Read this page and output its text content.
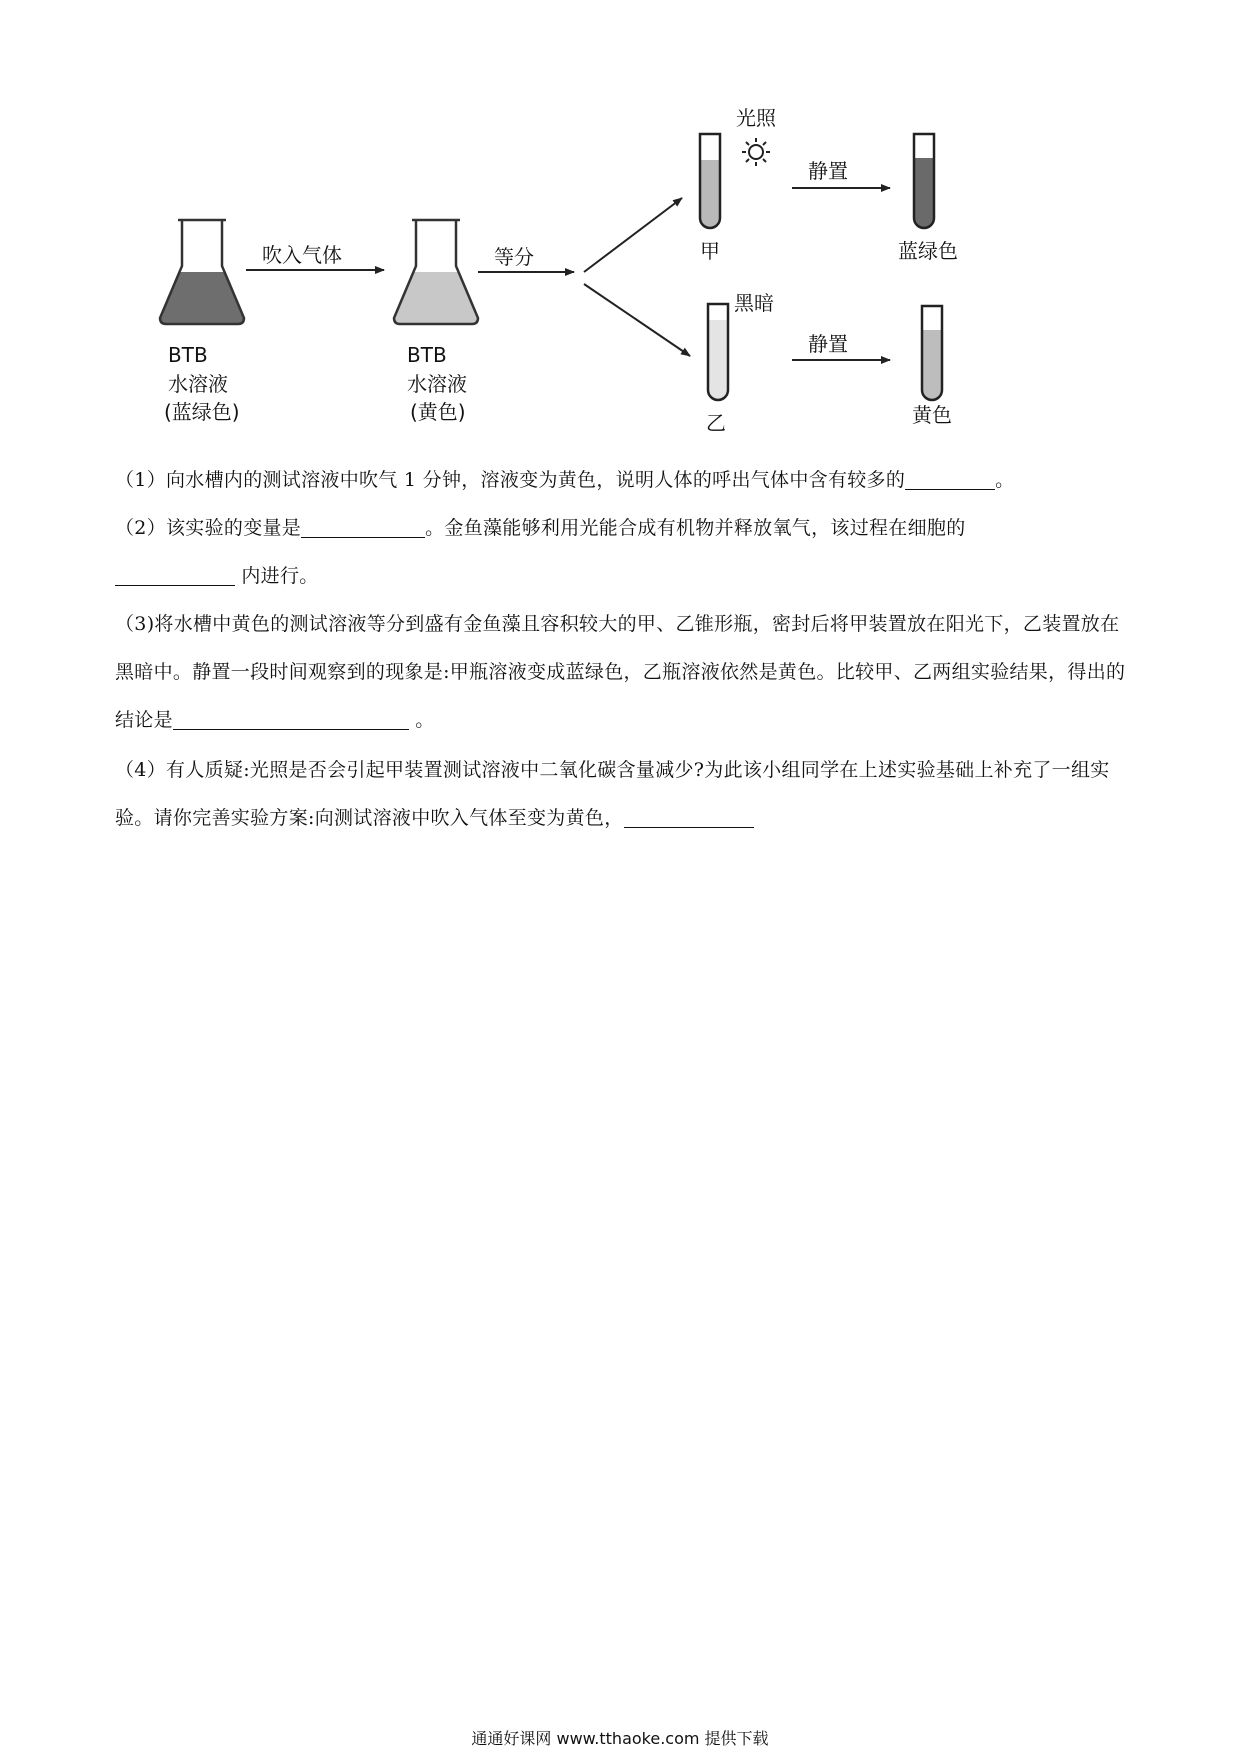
BTB
水溶液
(蓝绿色)
吹入气体
BTB
水溶液
(黄色)
等分
光照
甲
静置
蓝绿色
黑暗
乙
静置
黄色

（1）向水槽内的测试溶液中吹气 1 分钟，溶液变为黄色，说明人体的呼出气体中含有较多的	。

（2）该实验的变量是	。金鱼藻能够利用光能合成有机物并释放氧气，该过程在细胞的
内进行。

（3)将水槽中黄色的测试溶液等分到盛有金鱼藻且容积较大的甲、乙锥形瓶，密封后将甲装置放在阳光下，乙装置放在黑暗中。静置一段时间观察到的现象是:甲瓶溶液变成蓝绿色，乙瓶溶液依然是黄色。比较甲、乙两组实验结果，得出的结论是	。

（4）有人质疑:光照是否会引起甲装置测试溶液中二氧化碳含量减少?为此该小组同学在上述实验基础上补充了一组实验。请你完善实验方案:向测试溶液中吹入气体至变为黄色，

通通好课网 www.tthaoke.com 提供下载
